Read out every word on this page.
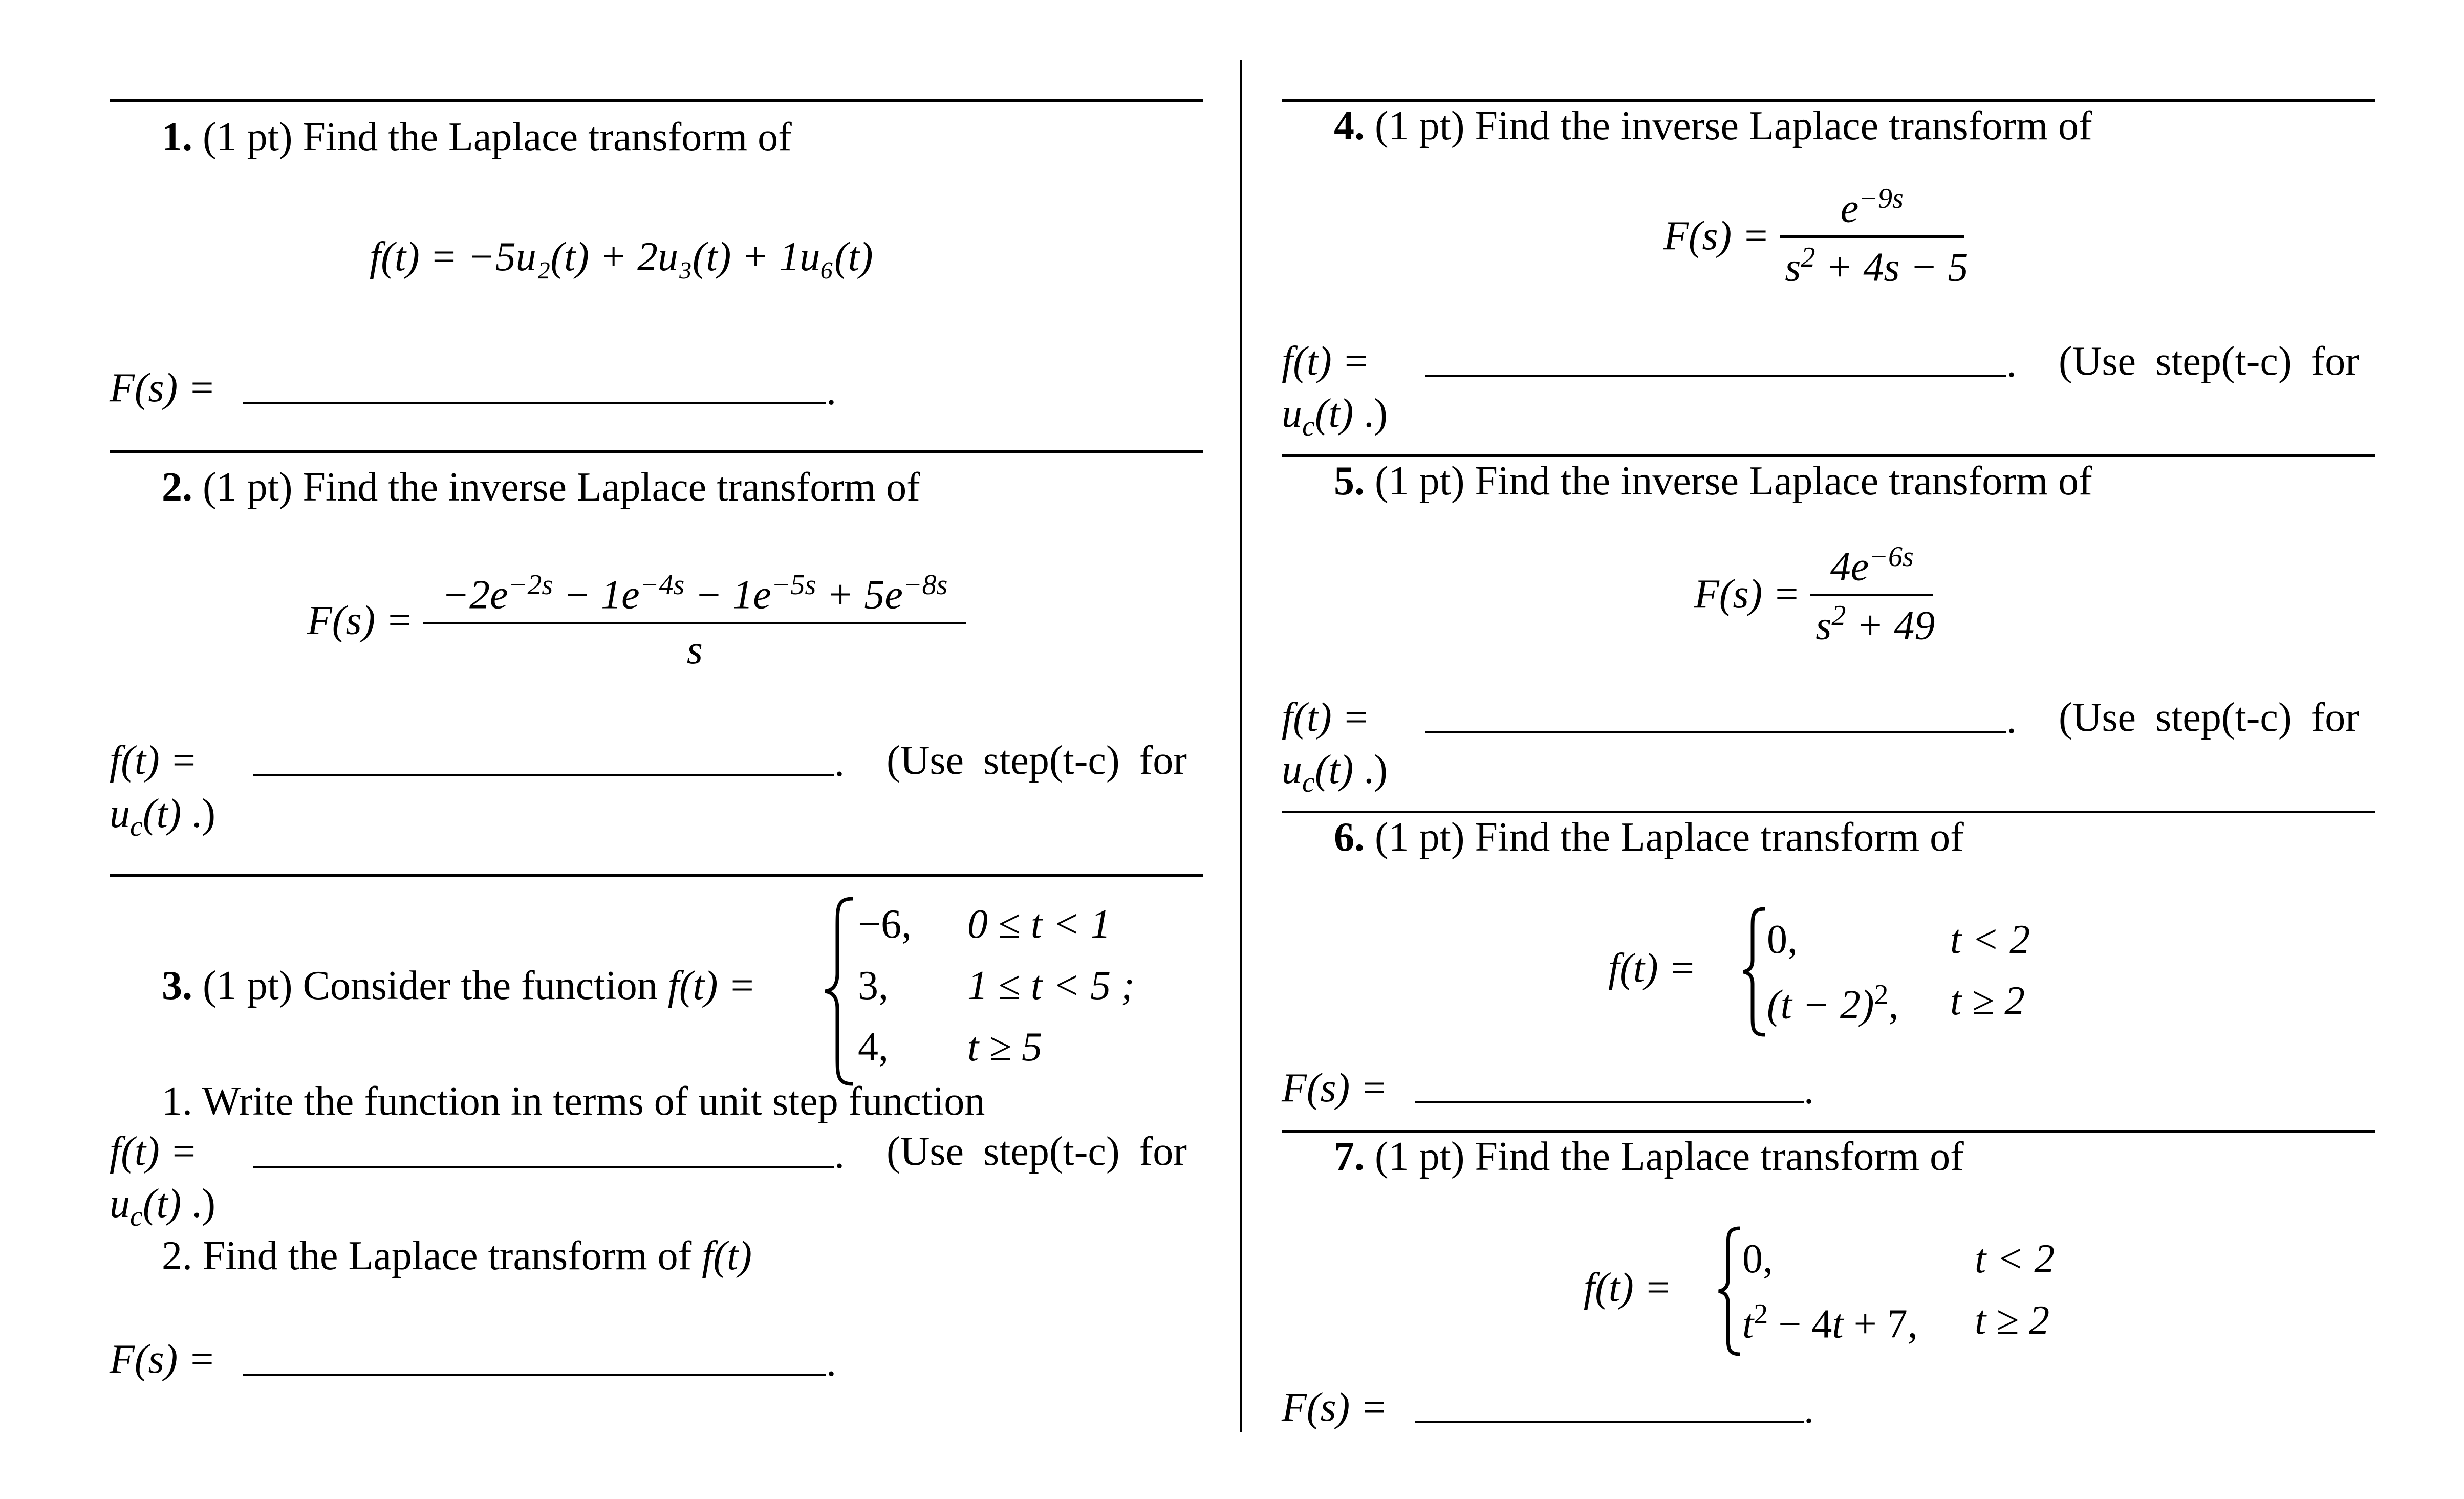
1. (1 pt) Find the Laplace transform of
f(t) = −5u₂(t) + 2u₃(t) + 1u₆(t)
F(s) =	.
2. (1 pt) Find the inverse Laplace transform of
$F(s) = \frac{-2e^{-2s} - 1e^{-4s} - 1e^{-5s} + 5e^{-8s}}{s}$
f(t) =	. (Use step(t-c) for
$u_c(t)$ .)
3. (1 pt) Consider the function f(t) =
−6, 0 ≤ t < 1
3, 1 ≤ t < 5 ;
4, t ≥ 5
1. Write the function in terms of unit step function
f(t) =	. (Use step(t-c) for
$u_c(t)$ .)
2. Find the Laplace transform of f(t)
F(s) =	.
4. (1 pt) Find the inverse Laplace transform of
$F(s) = \frac{e^{-9s}}{s^2 + 4s - 5}$
f(t) =	. (Use step(t-c) for
$u_c(t)$ .)
5. (1 pt) Find the inverse Laplace transform of
$F(s) = \frac{4e^{-6s}}{s^2 + 49}$
f(t) =	. (Use step(t-c) for
$u_c(t)$ .)
6. (1 pt) Find the Laplace transform of
f(t) =
0,	t < 2
$(t - 2)^2$, t ≥ 2
F(s) =	.
7. (1 pt) Find the Laplace transform of
f(t) =
0,	t < 2
$t^2 - 4t + 7$, t ≥ 2
F(s) =	.
